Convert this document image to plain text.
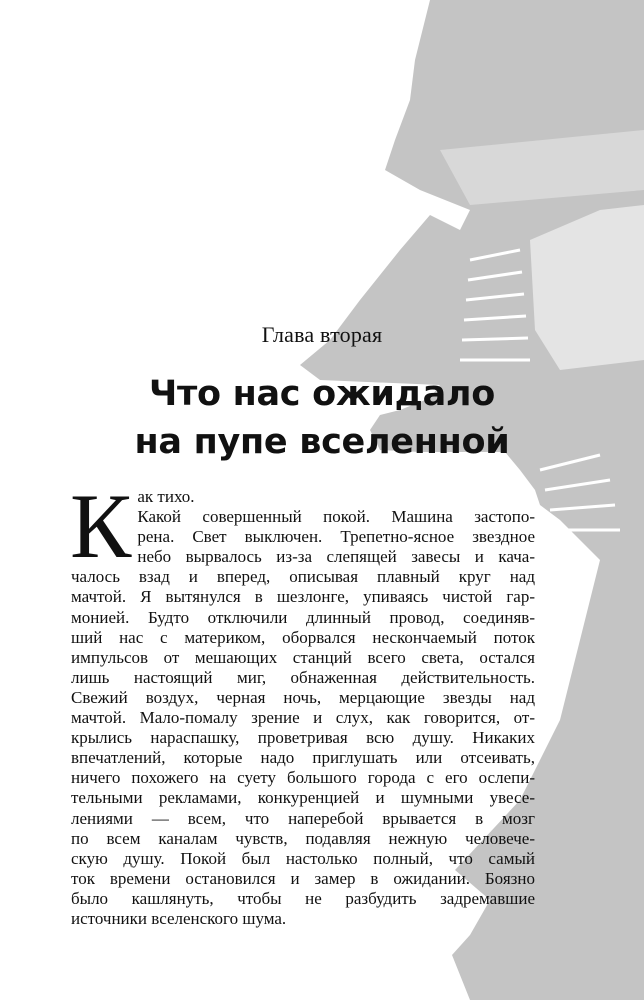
Глава вторая
Что нас ожидало
на пупе вселенной
К ак тихо.
Какой совершенный покой. Машина застопо-
рена. Свет выключен. Трепетно-ясное звездное
небо вырвалось из-за слепящей завесы и кача-
чалось взад и вперед, описывая плавный круг над
мачтой. Я вытянулся в шезлонге, упиваясь чистой гар-
монией. Будто отключили длинный провод, соединяв-
ший нас с материком, оборвался нескончаемый поток
импульсов от мешающих станций всего света, остался
лишь настоящий миг, обнаженная действительность.
Свежий воздух, черная ночь, мерцающие звезды над
мачтой. Мало-помалу зрение и слух, как говорится, от-
крылись нараспашку, проветривая всю душу. Никаких
впечатлений, которые надо приглушать или отсеивать,
ничего похожего на суету большого города с его ослепи-
тельными рекламами, конкуренцией и шумными увесе-
лениями — всем, что наперебой врывается в мозг
по всем каналам чувств, подавляя нежную человече-
скую душу. Покой был настолько полный, что самый
ток времени остановился и замер в ожидании. Боязно
было кашлянуть, чтобы не разбудить задремавшие
источники вселенского шума.
